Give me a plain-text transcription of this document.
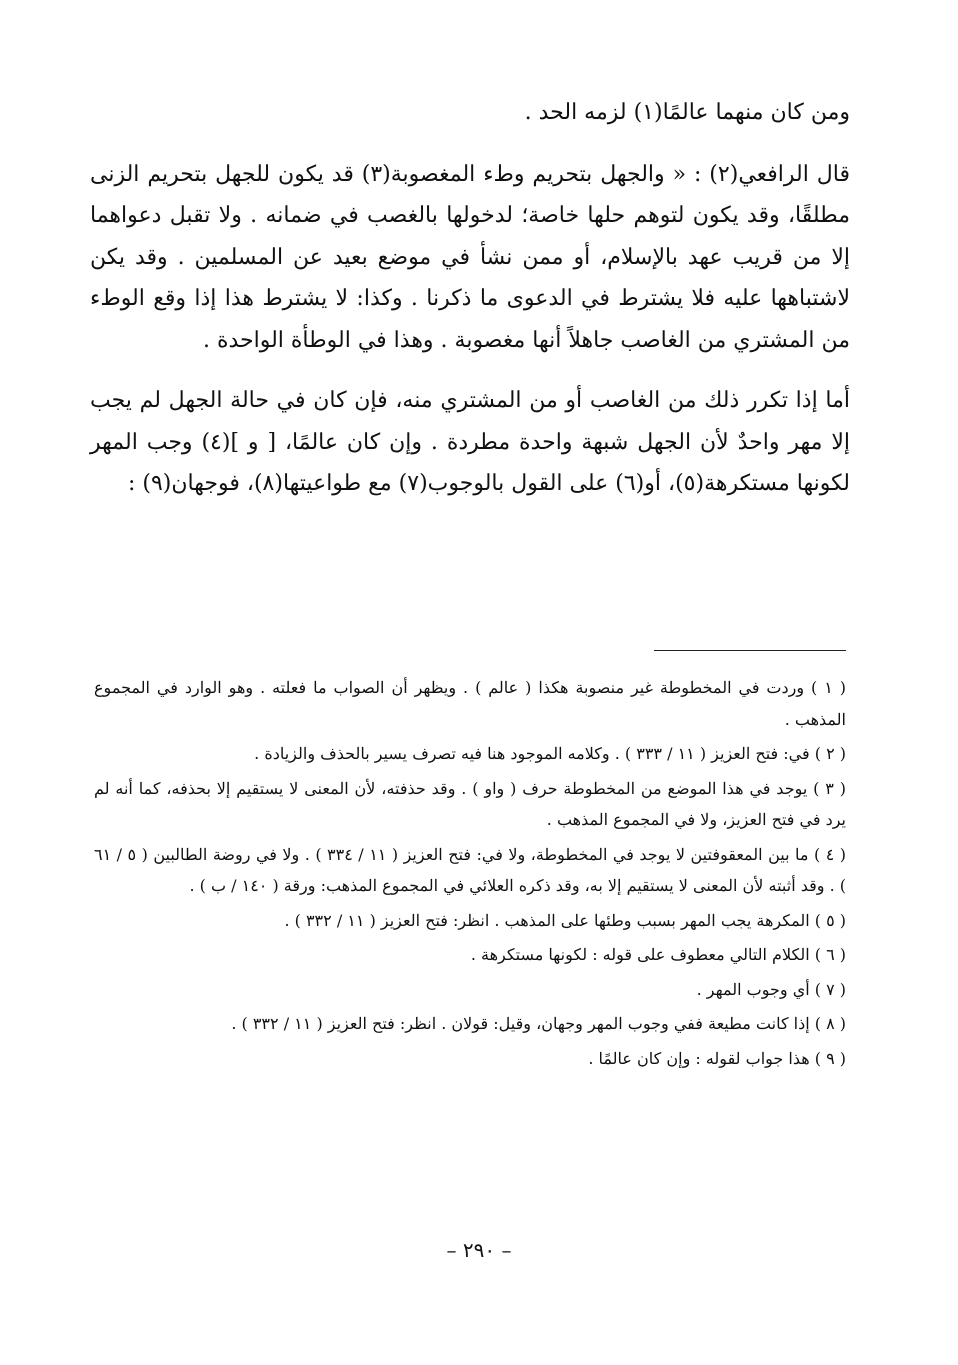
ومن كان منهما عالمًا(١) لزمه الحد .

قال الرافعي(٢) : « والجهل بتحريم وطء المغصوبة(٣) قد يكون للجهل بتحريم الزنى مطلقًا، وقد يكون لتوهم حلها خاصة؛ لدخولها بالغصب في ضمانه . ولا تقبل دعواهما إلا من قريب عهد بالإسلام، أو ممن نشأ في موضع بعيد عن المسلمين . وقد يكن لاشتباهها عليه فلا يشترط في الدعوى ما ذكرنا . وكذا: لا يشترط هذا إذا وقع الوطء من المشتري من الغاصب جاهلاً أنها مغصوبة . وهذا في الوطأة الواحدة .

أما إذا تكرر ذلك من الغاصب أو من المشتري منه، فإن كان في حالة الجهل لم يجب إلا مهر واحدٌ لأن الجهل شبهة واحدة مطردة . وإن كان عالمًا، [ و ](٤) وجب المهر لكونها مستكرهة(٥)، أو(٦) على القول بالوجوب(٧) مع طواعيتها(٨)، فوجهان(٩) :

( ١ ) وردت في المخطوطة غير منصوبة هكذا ( عالم ) . ويظهر أن الصواب ما فعلته . وهو الوارد في المجموع المذهب .

( ٢ ) في: فتح العزيز ( ١١ / ٣٣٣ ) . وكلامه الموجود هنا فيه تصرف يسير بالحذف والزيادة .

( ٣ ) يوجد في هذا الموضع من المخطوطة حرف ( واو ) . وقد حذفته، لأن المعنى لا يستقيم إلا بحذفه، كما أنه لم يرد في فتح العزيز، ولا في المجموع المذهب .

( ٤ ) ما بين المعقوفتين لا يوجد في المخطوطة، ولا في: فتح العزيز ( ١١ / ٣٣٤ ) . ولا في روضة الطالبين ( ٥ / ٦١ ) . وقد أثبته لأن المعنى لا يستقيم إلا به، وقد ذكره العلائي في المجموع المذهب: ورقة ( ١٤٠ / ب ) .

( ٥ ) المكرهة يجب المهر بسبب وطئها على المذهب . انظر: فتح العزيز ( ١١ / ٣٣٢ ) .

( ٦ ) الكلام التالي معطوف على قوله : لكونها مستكرهة .

( ٧ ) أي وجوب المهر .

( ٨ ) إذا كانت مطيعة ففي وجوب المهر وجهان، وقيل: قولان . انظر: فتح العزيز ( ١١ / ٣٣٢ ) .

( ٩ ) هذا جواب لقوله : وإن كان عالمًا .

– ٢٩٠ –
